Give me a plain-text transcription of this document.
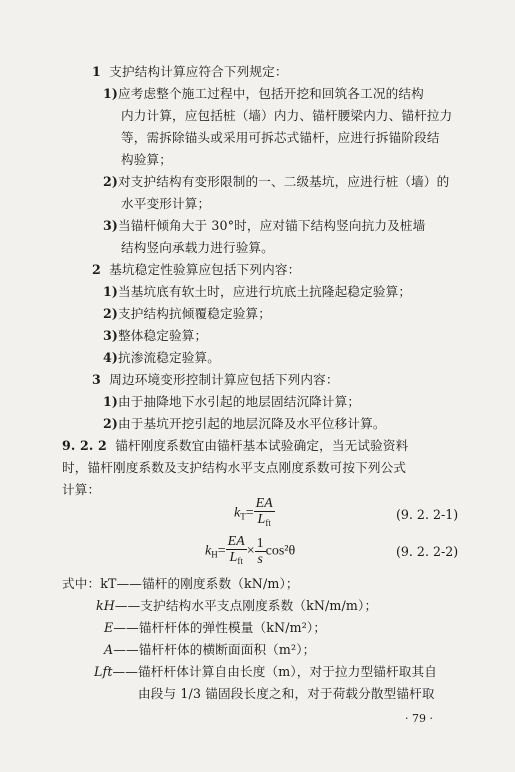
1 支护结构计算应符合下列规定：
1)应考虑整个施工过程中，包括开挖和回筑各工况的结构
内力计算，应包括桩（墙）内力、锚杆腰梁内力、锚杆拉力
等，需拆除锚头或采用可拆芯式锚杆，应进行拆锚阶段结
构验算；
2)对支护结构有变形限制的一、二级基坑，应进行桩（墙）的
水平变形计算；
3)当锚杆倾角大于 30°时，应对锚下结构竖向抗力及桩墙
结构竖向承载力进行验算。
2 基坑稳定性验算应包括下列内容：
1)当基坑底有软土时，应进行坑底土抗隆起稳定验算；
2)支护结构抗倾覆稳定验算；
3)整体稳定验算；
4)抗渗流稳定验算。
3 周边环境变形控制计算应包括下列内容：
1)由于抽降地下水引起的地层固结沉降计算；
2)由于基坑开挖引起的地层沉降及水平位移计算。
9. 2. 2 锚杆刚度系数宜由锚杆基本试验确定，当无试验资料
时，锚杆刚度系数及支护结构水平支点刚度系数可按下列公式
计算：
$k_T= \frac{EA}{L_{ft}}$	(9. 2. 2-1)
$k_H= \frac{EA}{L_{ft}} \times \frac{1}{s} \cos^2\theta$	(9. 2. 2-2)
式中：kT——锚杆的刚度系数（kN/m）；
kH——支护结构水平支点刚度系数（kN/m/m）；
E——锚杆杆体的弹性模量（kN/m²）；
A——锚杆杆体的横断面面积（m²）；
Lft——锚杆杆体计算自由长度（m），对于拉力型锚杆取其自
由段与 1/3 锚固段长度之和，对于荷载分散型锚杆取
· 79 ·
